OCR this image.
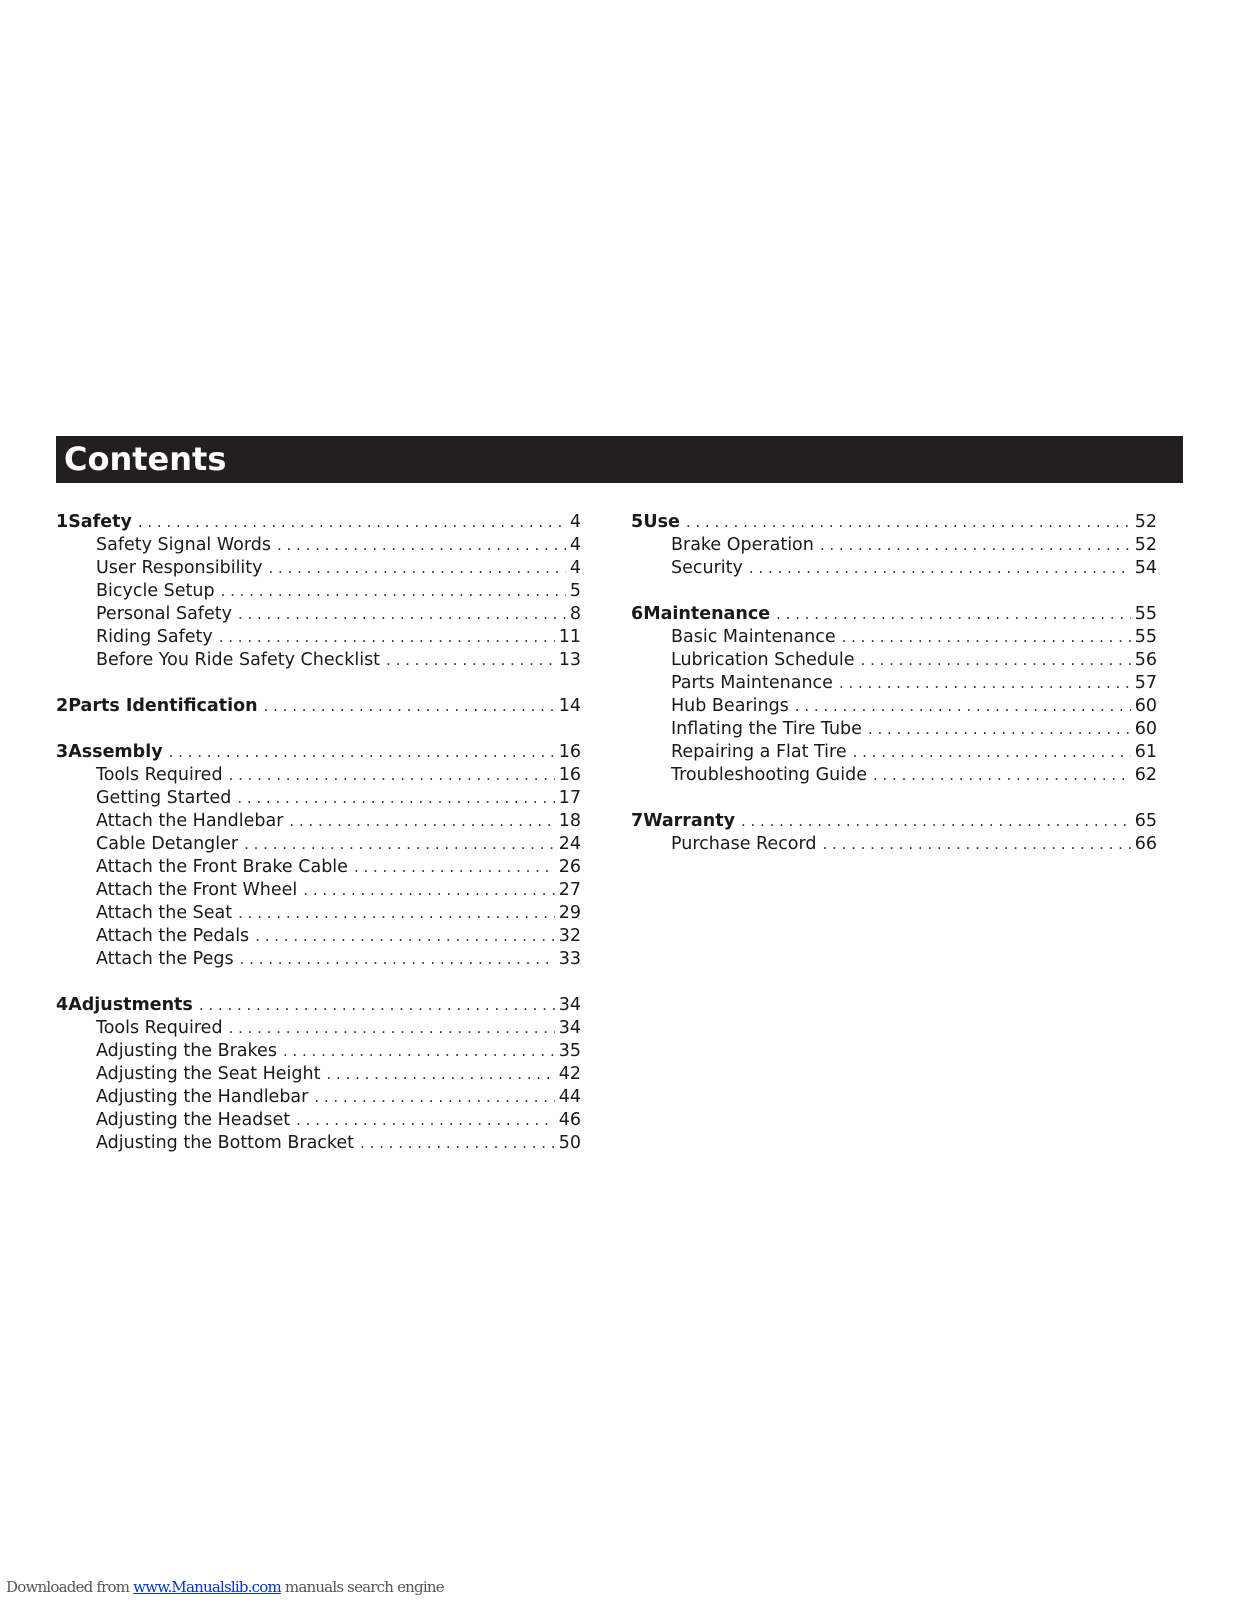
Contents
1 Safety . . .	4
Safety Signal Words . . .	4
User Responsibility . . .	4
Bicycle Setup . . .	5
Personal Safety . . .	8
Riding Safety . . .	11
Before You Ride Safety Checklist . . .	13
2 Parts Identification . . .	14
3 Assembly . . .	16
Tools Required . . .	16
Getting Started . . .	17
Attach the Handlebar . . .	18
Cable Detangler . . .	24
Attach the Front Brake Cable . . .	26
Attach the Front Wheel . . .	27
Attach the Seat . . .	29
Attach the Pedals . . .	32
Attach the Pegs . . .	33
4 Adjustments . . .	34
Tools Required . . .	34
Adjusting the Brakes . . .	35
Adjusting the Seat Height . . .	42
Adjusting the Handlebar . . .	44
Adjusting the Headset . . .	46
Adjusting the Bottom Bracket . . .	50
5 Use . . .	52
Brake Operation . . .	52
Security . . .	54
6 Maintenance . . .	55
Basic Maintenance . . .	55
Lubrication Schedule . . .	56
Parts Maintenance . . .	57
Hub Bearings . . .	60
Inflating the Tire Tube . . .	60
Repairing a Flat Tire . . .	61
Troubleshooting Guide . . .	62
7 Warranty . . .	65
Purchase Record . . .	66
Downloaded from www.Manualslib.com manuals search engine
